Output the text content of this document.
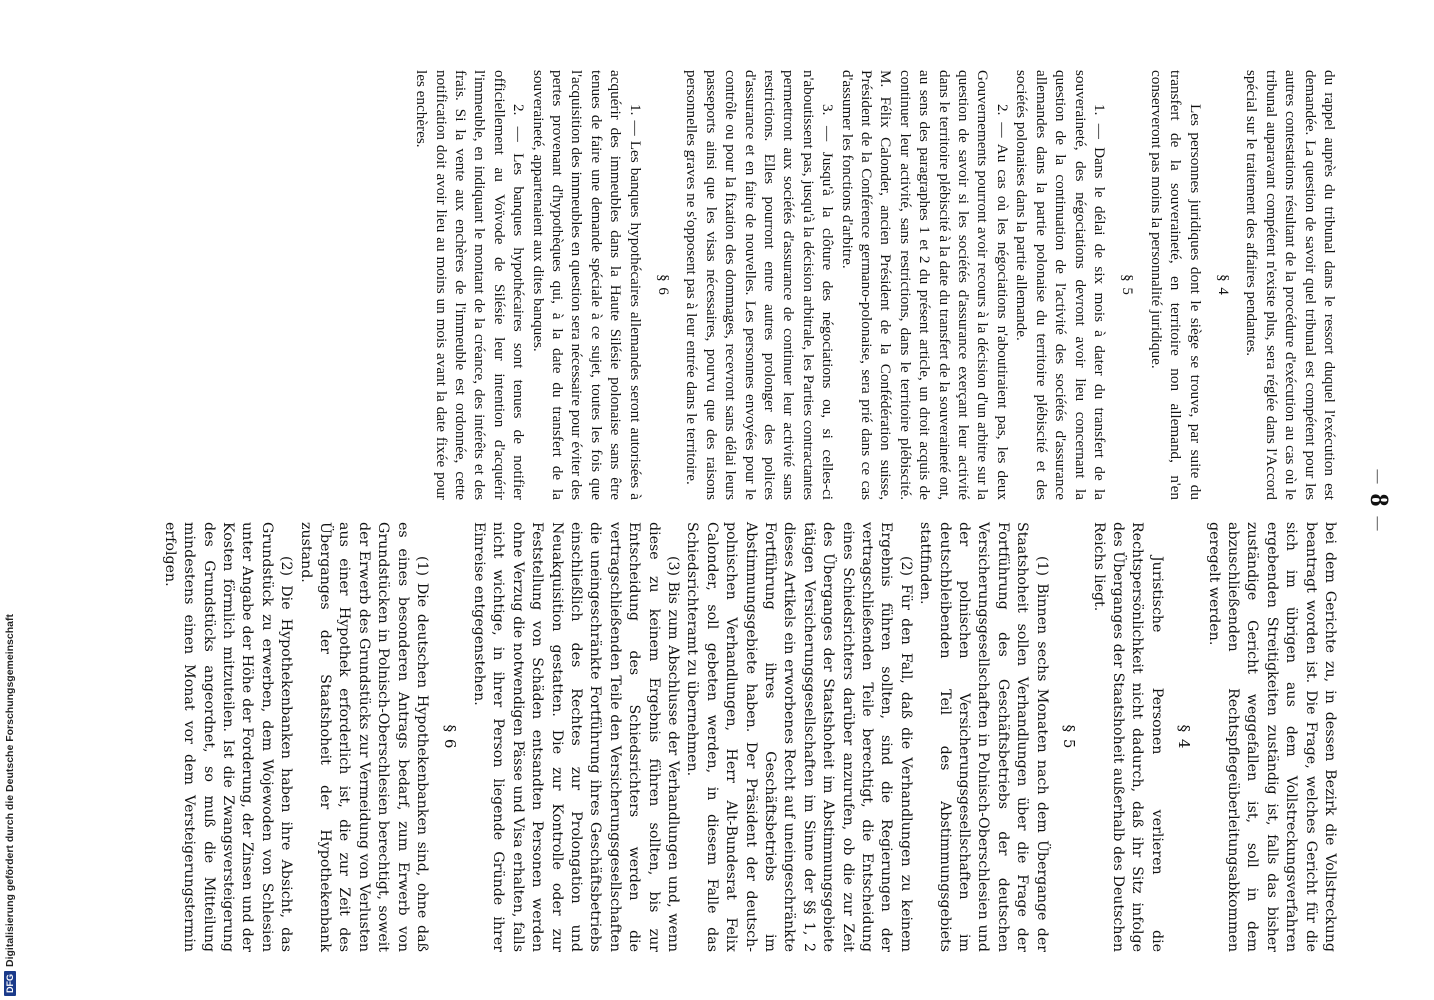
— 8 —

du rappel auprès du tribunal dans le ressort duquel l'exécution est demandée. La question de savoir quel tribunal est compétent pour les autres contestations résultant de la procédure d'exécution au cas où le tribunal auparavant compétent n'existe plus, sera réglée dans l'Accord spécial sur le traitement des affaires pendantes.

§ 4

Les personnes juridiques dont le siège se trouve, par suite du transfert de la souveraineté, en territoire non allemand, n'en conserveront pas moins la personnalité juridique.

§ 5

1. — Dans le délai de six mois à dater du transfert de la souveraineté, des négociations devront avoir lieu concernant la question de la continuation de l'activité des sociétés d'assurance allemandes dans la partie polonaise du territoire plébiscité et des sociétés polonaises dans la partie allemande.

2. — Au cas où les négociations n'aboutiraient pas, les deux Gouvernements pourront avoir recours à la décision d'un arbitre sur la question de savoir si les sociétés d'assurance exerçant leur activité dans le territoire plébiscité à la date du transfert de la souveraineté ont, au sens des paragraphes 1 et 2 du présent article, un droit acquis de continuer leur activité, sans restrictions, dans le territoire plébiscité. M. Félix Calonder, ancien Président de la Confédération suisse, Président de la Conférence germano-polonaise, sera prié dans ce cas d'assumer les fonctions d'arbitre.

3. — Jusqu'à la clôture des négociations ou, si celles-ci n'aboutissent pas, jusqu'à la décision arbitrale, les Parties contractantes permettront aux sociétés d'assurance de continuer leur activité sans restrictions. Elles pourront entre autres prolonger des polices d'assurance et en faire de nouvelles. Les personnes envoyées pour le contrôle ou pour la fixation des dommages, recevront sans délai leurs passeports ainsi que les visas nécessaires, pourvu que des raisons personnelles graves ne s'opposent pas à leur entrée dans le territoire.

§ 6

1. — Les banques hypothécaires allemandes seront autorisées à acquérir des immeubles dans la Haute Silésie polonaise sans être tenues de faire une demande spéciale à ce sujet, toutes les fois que l'acquisition des immeubles en question sera nécessaire pour éviter des pertes provenant d'hypothèques qui, à la date du transfert de la souveraineté, appartenaient aux dites banques.

2. — Les banques hypothécaires sont tenues de notifier officiellement au Voïvode de Silésie leur intention d'acquérir l'immeuble, en indiquant le montant de la créance, des intérêts et des frais. Si la vente aux enchères de l'immeuble est ordonnée, cette notification doit avoir lieu au moins un mois avant la date fixée pour les enchères.

bei dem Gerichte zu, in dessen Bezirk die Vollstreckung beantragt worden ist. Die Frage, welches Gericht für die sich im übrigen aus dem Vollstreckungsverfahren ergebenden Streitigkeiten zuständig ist, falls das bisher zuständige Gericht weggefallen ist, soll in dem abzuschließenden Rechtspflegeüberleitungsabkommen geregelt werden.

§ 4

Juristische Personen verlieren die Rechtspersönlichkeit nicht dadurch, daß ihr Sitz infolge des Überganges der Staatshoheit außerhalb des Deutschen Reichs liegt.

§ 5

(1) Binnen sechs Monaten nach dem Übergange der Staatshoheit sollen Verhandlungen über die Frage der Fortführung des Geschäftsbetriebs der deutschen Versicherungsgesellschaften in Polnisch-Oberschlesien und der polnischen Versicherungsgesellschaften im deutschbleibenden Teil des Abstimmungsgebiets stattfinden.

(2) Für den Fall, daß die Verhandlungen zu keinem Ergebnis führen sollten, sind die Regierungen der vertragschließenden Teile berechtigt, die Entscheidung eines Schiedsrichters darüber anzurufen, ob die zur Zeit des Überganges der Staatshoheit im Abstimmungsgebiete tätigen Versicherungsgesellschaften im Sinne der §§ 1, 2 dieses Artikels ein erworbenes Recht auf uneingeschränkte Fortführung ihres Geschäftsbetriebs im Abstimmungsgebiete haben. Der Präsident der deutsch-polnischen Verhandlungen, Herr Alt-Bundesrat Felix Calonder, soll gebeten werden, in diesem Falle das Schiedsrichteramt zu übernehmen.

(3) Bis zum Abschlusse der Verhandlungen und, wenn diese zu keinem Ergebnis führen sollten, bis zur Entscheidung des Schiedsrichters werden die vertragschließenden Teile den Versicherungsgesellschaften die uneingeschränkte Fortführung ihres Geschäftsbetriebs einschließlich des Rechtes zur Prolongation und Neuakquisition gestatten. Die zur Kontrolle oder zur Feststellung von Schäden entsandten Personen werden ohne Verzug die notwendigen Pässe und Visa erhalten, falls nicht wichtige, in ihrer Person liegende Gründe ihrer Einreise entgegenstehen.

§ 6

(1) Die deutschen Hypothekenbanken sind, ohne daß es eines besonderen Antrags bedarf, zum Erwerb von Grundstücken in Polnisch-Oberschlesien berechtigt, soweit der Erwerb des Grundstücks zur Vermeidung von Verlusten aus einer Hypothek erforderlich ist, die zur Zeit des Überganges der Staatshoheit der Hypothekenbank zustand.

(2) Die Hypothekenbanken haben ihre Absicht, das Grundstück zu erwerben, dem Wojewoden von Schlesien unter Angabe der Höhe der Forderung, der Zinsen und der Kosten förmlich mitzuteilen. Ist die Zwangsversteigerung des Grundstücks angeordnet, so muß die Mitteilung mindestens einen Monat vor dem Versteigerungstermin erfolgen.

DFGDigitalisierung gefördert durch die Deutsche Forschungsgemeinschaft
